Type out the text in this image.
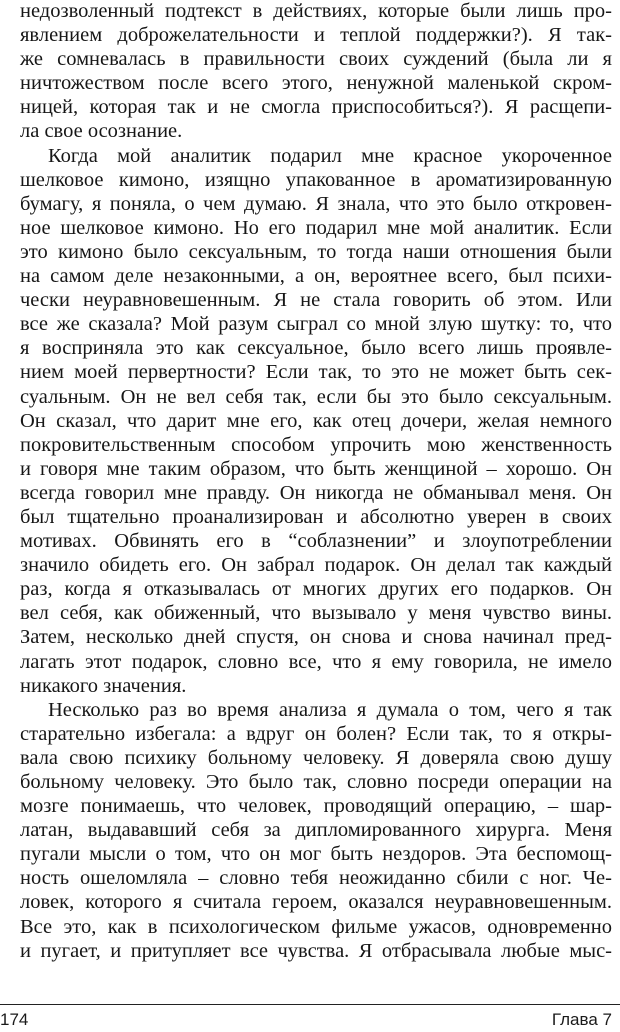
недозволенный подтекст в действиях, которые были лишь про-
явлением доброжелательности и теплой поддержки?). Я так-
же сомневалась в правильности своих суждений (была ли я
ничтожеством после всего этого, ненужной маленькой скром-
ницей, которая так и не смогла приспособиться?). Я расщепи-
ла свое осознание.
Когда мой аналитик подарил мне красное укороченное
шелковое кимоно, изящно упакованное в ароматизированную
бумагу, я поняла, о чем думаю. Я знала, что это было откровен-
ное шелковое кимоно. Но его подарил мне мой аналитик. Если
это кимоно было сексуальным, то тогда наши отношения были
на самом деле незаконными, а он, вероятнее всего, был психи-
чески неуравновешенным. Я не стала говорить об этом. Или
все же сказала? Мой разум сыграл со мной злую шутку: то, что
я восприняла это как сексуальное, было всего лишь проявле-
нием моей первертности? Если так, то это не может быть сек-
суальным. Он не вел себя так, если бы это было сексуальным.
Он сказал, что дарит мне его, как отец дочери, желая немного
покровительственным способом упрочить мою женственность
и говоря мне таким образом, что быть женщиной – хорошо. Он
всегда говорил мне правду. Он никогда не обманывал меня. Он
был тщательно проанализирован и абсолютно уверен в своих
мотивах. Обвинять его в “соблазнении” и злоупотреблении
значило обидеть его. Он забрал подарок. Он делал так каждый
раз, когда я отказывалась от многих других его подарков. Он
вел себя, как обиженный, что вызывало у меня чувство вины.
Затем, несколько дней спустя, он снова и снова начинал пред-
лагать этот подарок, словно все, что я ему говорила, не имело
никакого значения.
Несколько раз во время анализа я думала о том, чего я так
старательно избегала: а вдруг он болен? Если так, то я откры-
вала свою психику больному человеку. Я доверяла свою душу
больному человеку. Это было так, словно посреди операции на
мозге понимаешь, что человек, проводящий операцию, – шар-
латан, выдававший себя за дипломированного хирурга. Меня
пугали мысли о том, что он мог быть нездоров. Эта беспомощ-
ность ошеломляла – словно тебя неожиданно сбили с ног. Че-
ловек, которого я считала героем, оказался неуравновешенным.
Все это, как в психологическом фильме ужасов, одновременно
и пугает, и притупляет все чувства. Я отбрасывала любые мыс-
174	Глава 7
